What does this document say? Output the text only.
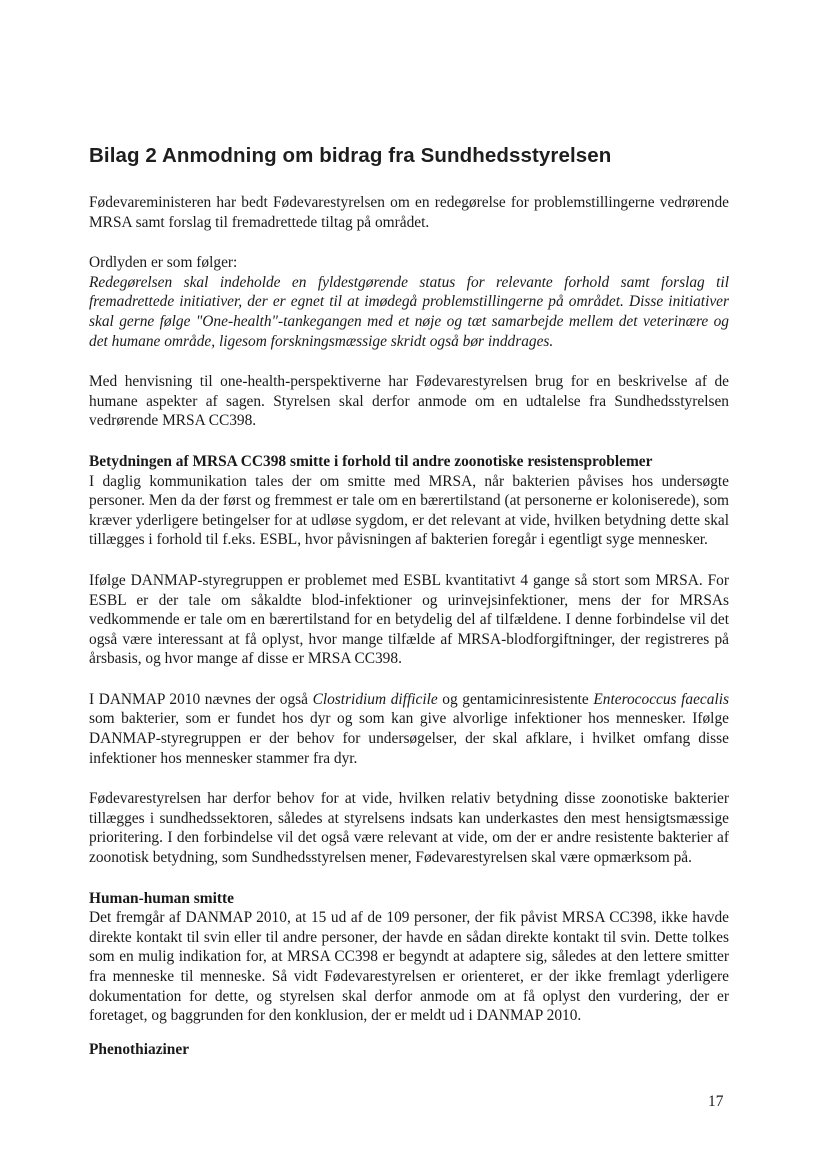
Bilag 2 Anmodning om bidrag fra Sundhedsstyrelsen

Fødevareministeren har bedt Fødevarestyrelsen om en redegørelse for problemstillingerne vedrørende MRSA samt forslag til fremadrettede tiltag på området.

Ordlyden er som følger:
Redegørelsen skal indeholde en fyldestgørende status for relevante forhold samt forslag til fremadrettede initiativer, der er egnet til at imødegå problemstillingerne på området. Disse initiativer skal gerne følge "One-health"-tankegangen med et nøje og tæt samarbejde mellem det veterinære og det humane område, ligesom forskningsmæssige skridt også bør inddrages.

Med henvisning til one-health-perspektiverne har Fødevarestyrelsen brug for en beskrivelse af de humane aspekter af sagen. Styrelsen skal derfor anmode om en udtalelse fra Sundhedsstyrelsen vedrørende MRSA CC398.

Betydningen af MRSA CC398 smitte i forhold til andre zoonotiske resistensproblemer
I daglig kommunikation tales der om smitte med MRSA, når bakterien påvises hos undersøgte personer. Men da der først og fremmest er tale om en bærertilstand (at personerne er koloniserede), som kræver yderligere betingelser for at udløse sygdom, er det relevant at vide, hvilken betydning dette skal tillægges i forhold til f.eks. ESBL, hvor påvisningen af bakterien foregår i egentligt syge mennesker.

Ifølge DANMAP-styregruppen er problemet med ESBL kvantitativt 4 gange så stort som MRSA. For ESBL er der tale om såkaldte blod-infektioner og urinvejsinfektioner, mens der for MRSAs vedkommende er tale om en bærertilstand for en betydelig del af tilfældene. I denne forbindelse vil det også være interessant at få oplyst, hvor mange tilfælde af MRSA-blodforgiftninger, der registreres på årsbasis, og hvor mange af disse er MRSA CC398.

I DANMAP 2010 nævnes der også Clostridium difficile og gentamicinresistente Enterococcus faecalis som bakterier, som er fundet hos dyr og som kan give alvorlige infektioner hos mennesker. Ifølge DANMAP-styregruppen er der behov for undersøgelser, der skal afklare, i hvilket omfang disse infektioner hos mennesker stammer fra dyr.

Fødevarestyrelsen har derfor behov for at vide, hvilken relativ betydning disse zoonotiske bakterier tillægges i sundhedssektoren, således at styrelsens indsats kan underkastes den mest hensigtsmæssige prioritering. I den forbindelse vil det også være relevant at vide, om der er andre resistente bakterier af zoonotisk betydning, som Sundhedsstyrelsen mener, Fødevarestyrelsen skal være opmærksom på.

Human-human smitte
Det fremgår af DANMAP 2010, at 15 ud af de 109 personer, der fik påvist MRSA CC398, ikke havde direkte kontakt til svin eller til andre personer, der havde en sådan direkte kontakt til svin. Dette tolkes som en mulig indikation for, at MRSA CC398 er begyndt at adaptere sig, således at den lettere smitter fra menneske til menneske. Så vidt Fødevarestyrelsen er orienteret, er der ikke fremlagt yderligere dokumentation for dette, og styrelsen skal derfor anmode om at få oplyst den vurdering, der er foretaget, og baggrunden for den konklusion, der er meldt ud i DANMAP 2010.

Phenothiaziner
17
